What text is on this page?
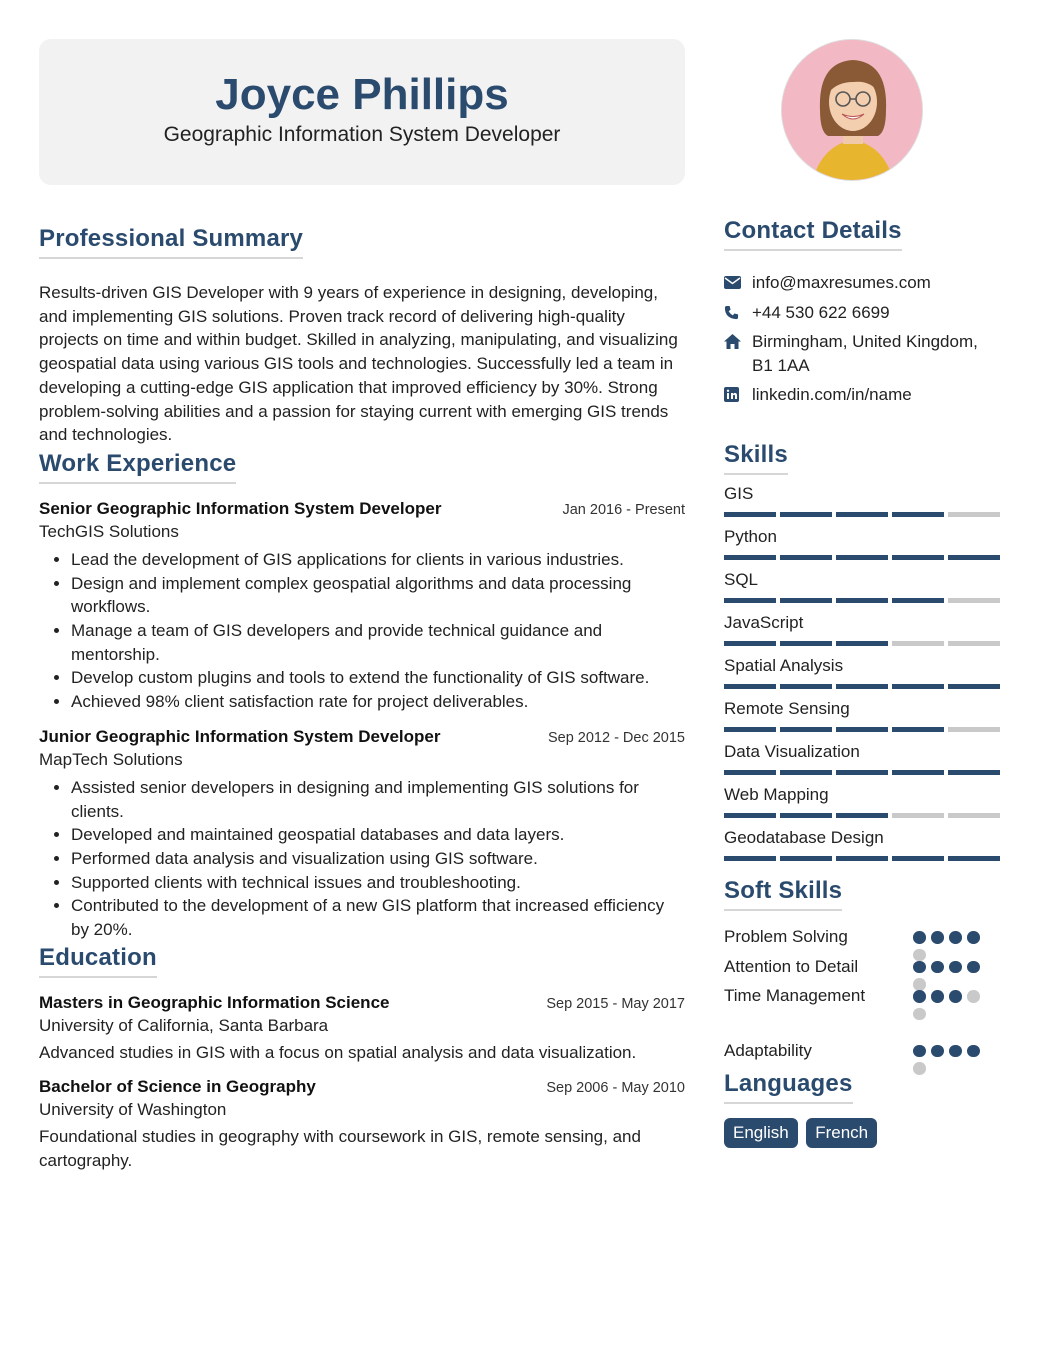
Joyce Phillips
Geographic Information System Developer
Professional Summary
Results-driven GIS Developer with 9 years of experience in designing, developing, and implementing GIS solutions. Proven track record of delivering high-quality projects on time and within budget. Skilled in analyzing, manipulating, and visualizing geospatial data using various GIS tools and technologies. Successfully led a team in developing a cutting-edge GIS application that improved efficiency by 30%. Strong problem-solving abilities and a passion for staying current with emerging GIS trends and technologies.
Work Experience
Senior Geographic Information System Developer	Jan 2016 - Present
TechGIS Solutions
• Lead the development of GIS applications for clients in various industries.
• Design and implement complex geospatial algorithms and data processing workflows.
• Manage a team of GIS developers and provide technical guidance and mentorship.
• Develop custom plugins and tools to extend the functionality of GIS software.
• Achieved 98% client satisfaction rate for project deliverables.
Junior Geographic Information System Developer	Sep 2012 - Dec 2015
MapTech Solutions
• Assisted senior developers in designing and implementing GIS solutions for clients.
• Developed and maintained geospatial databases and data layers.
• Performed data analysis and visualization using GIS software.
• Supported clients with technical issues and troubleshooting.
• Contributed to the development of a new GIS platform that increased efficiency by 20%.
Education
Masters in Geographic Information Science	Sep 2015 - May 2017
University of California, Santa Barbara
Advanced studies in GIS with a focus on spatial analysis and data visualization.
Bachelor of Science in Geography	Sep 2006 - May 2010
University of Washington
Foundational studies in geography with coursework in GIS, remote sensing, and cartography.
Contact Details
info@maxresumes.com
+44 530 622 6699
Birmingham, United Kingdom, B1 1AA
linkedin.com/in/name
Skills
GIS
Python
SQL
JavaScript
Spatial Analysis
Remote Sensing
Data Visualization
Web Mapping
Geodatabase Design
Soft Skills
Problem Solving
Attention to Detail
Time Management
Adaptability
Languages
English French
